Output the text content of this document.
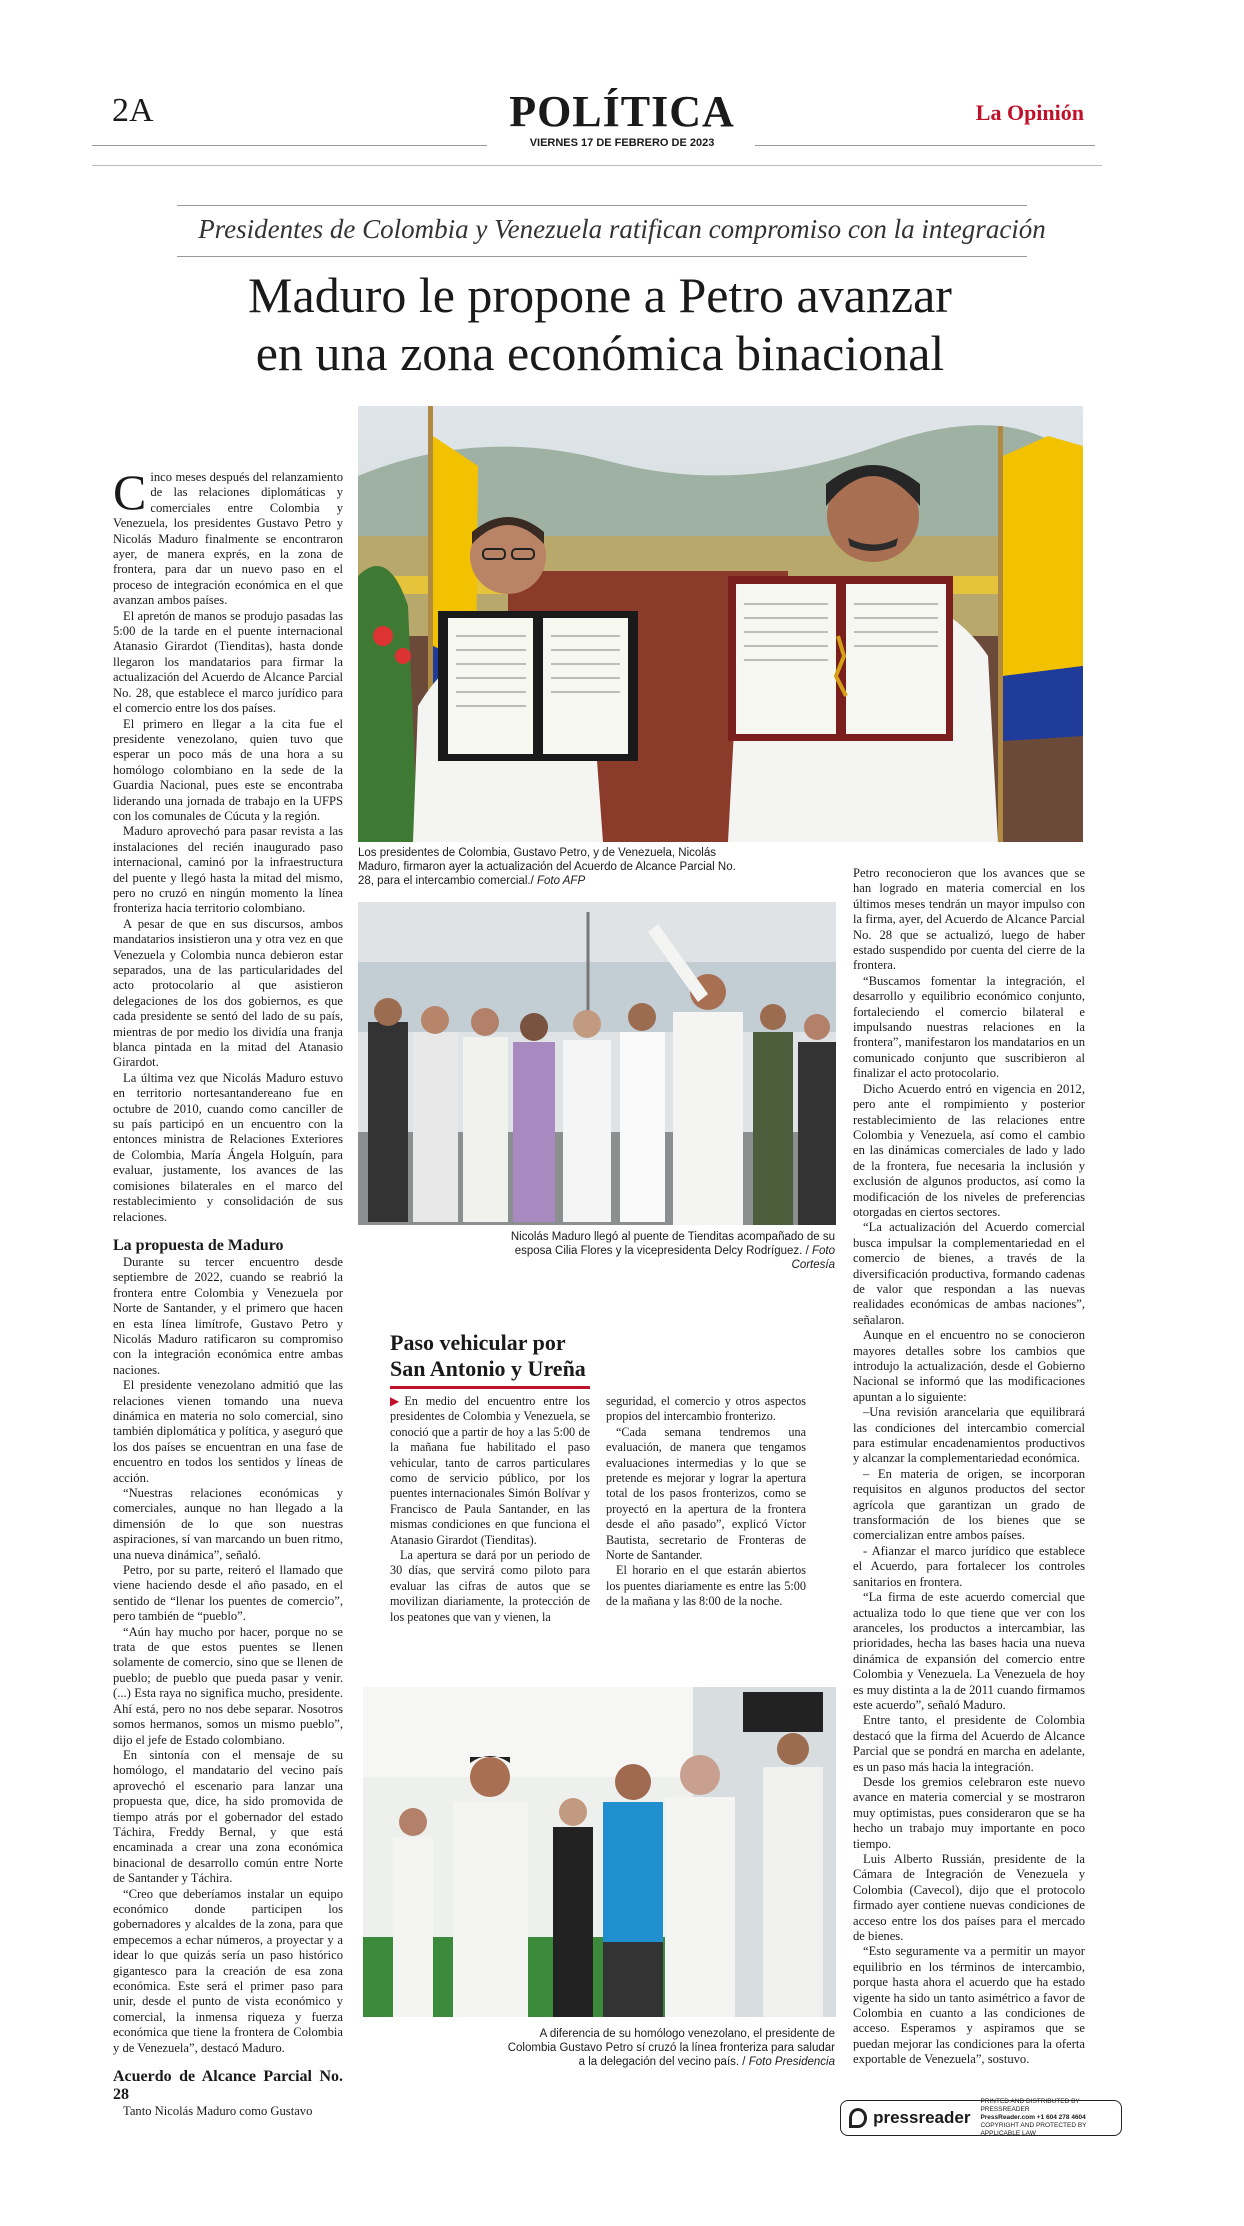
2A	POLÍTICA
VIERNES 17 DE FEBRERO DE 2023
La Opinión
Presidentes de Colombia y Venezuela ratifican compromiso con la integración
Maduro le propone a Petro avanzar
en una zona económica binacional

Cinco meses después del relanzamiento de las relaciones diplomáticas y comerciales entre Colombia y Venezuela, los presidentes Gustavo Petro y Nicolás Maduro finalmente se encontraron ayer, de manera exprés, en la zona de frontera, para dar un nuevo paso en el proceso de integración económica en el que avanzan ambos países.

El apretón de manos se produjo pasadas las 5:00 de la tarde en el puente internacional Atanasio Girardot (Tienditas), hasta donde llegaron los mandatarios para firmar la actualización del Acuerdo de Alcance Parcial No. 28, que establece el marco jurídico para el comercio entre los dos países.

El primero en llegar a la cita fue el presidente venezolano, quien tuvo que esperar un poco más de una hora a su homólogo colombiano en la sede de la Guardia Nacional, pues este se encontraba liderando una jornada de trabajo en la UFPS con los comunales de Cúcuta y la región.

Maduro aprovechó para pasar revista a las instalaciones del recién inaugurado paso internacional, caminó por la infraestructura del puente y llegó hasta la mitad del mismo, pero no cruzó en ningún momento la línea fronteriza hacia territorio colombiano.

A pesar de que en sus discursos, ambos mandatarios insistieron una y otra vez en que Venezuela y Colombia nunca debieron estar separados, una de las particularidades del acto protocolario al que asistieron delegaciones de los dos gobiernos, es que cada presidente se sentó del lado de su país, mientras de por medio los dividía una franja blanca pintada en la mitad del Atanasio Girardot.

La última vez que Nicolás Maduro estuvo en territorio nortesantandereano fue en octubre de 2010, cuando como canciller de su país participó en un encuentro con la entonces ministra de Relaciones Exteriores de Colombia, María Ángela Holguín, para evaluar, justamente, los avances de las comisiones bilaterales en el marco del restablecimiento y consolidación de sus relaciones.

La propuesta de Maduro

Durante su tercer encuentro desde septiembre de 2022, cuando se reabrió la frontera entre Colombia y Venezuela por Norte de Santander, y el primero que hacen en esta línea limítrofe, Gustavo Petro y Nicolás Maduro ratificaron su compromiso con la integración económica entre ambas naciones.

El presidente venezolano admitió que las relaciones vienen tomando una nueva dinámica en materia no solo comercial, sino también diplomática y política, y aseguró que los dos países se encuentran en una fase de encuentro en todos los sentidos y líneas de acción.

“Nuestras relaciones económicas y comerciales, aunque no han llegado a la dimensión de lo que son nuestras aspiraciones, sí van marcando un buen ritmo, una nueva dinámica”, señaló.

Petro, por su parte, reiteró el llamado que viene haciendo desde el año pasado, en el sentido de “llenar los puentes de comercio”, pero también de “pueblo”.

“Aún hay mucho por hacer, porque no se trata de que estos puentes se llenen solamente de comercio, sino que se llenen de pueblo; de pueblo que pueda pasar y venir. (...) Esta raya no significa mucho, presidente. Ahí está, pero no nos debe separar. Nosotros somos hermanos, somos un mismo pueblo”, dijo el jefe de Estado colombiano.

En sintonía con el mensaje de su homólogo, el mandatario del vecino país aprovechó el escenario para lanzar una propuesta que, dice, ha sido promovida de tiempo atrás por el gobernador del estado Táchira, Freddy Bernal, y que está encaminada a crear una zona económica binacional de desarrollo común entre Norte de Santander y Táchira.

“Creo que deberíamos instalar un equipo económico donde participen los gobernadores y alcaldes de la zona, para que empecemos a echar números, a proyectar y a idear lo que quizás sería un paso histórico gigantesco para la creación de esa zona económica. Este será el primer paso para unir, desde el punto de vista económico y comercial, la inmensa riqueza y fuerza económica que tiene la frontera de Colombia y de Venezuela”, destacó Maduro.

Acuerdo de Alcance Parcial No. 28

Tanto Nicolás Maduro como Gustavo

Los presidentes de Colombia, Gustavo Petro, y de Venezuela, Nicolás Maduro, firmaron ayer la actualización del Acuerdo de Alcance Parcial No. 28, para el intercambio comercial./ Foto AFP
Nicolás Maduro llegó al puente de Tienditas acompañado de su esposa Cilia Flores y la vicepresidenta Delcy Rodríguez. / Foto Cortesía
Paso vehicular por
San Antonio y Ureña

▶En medio del encuentro entre los presidentes de Colombia y Venezuela, se conoció que a partir de hoy a las 5:00 de la mañana fue habilitado el paso vehicular, tanto de carros particulares como de servicio público, por los puentes internacionales Simón Bolívar y Francisco de Paula Santander, en las mismas condiciones en que funciona el Atanasio Girardot (Tienditas).

La apertura se dará por un periodo de 30 días, que servirá como piloto para evaluar las cifras de autos que se movilizan diariamente, la protección de los peatones que van y vienen, la

seguridad, el comercio y otros aspectos propios del intercambio fronterizo.

“Cada semana tendremos una evaluación, de manera que tengamos evaluaciones intermedias y lo que se pretende es mejorar y lograr la apertura total de los pasos fronterizos, como se proyectó en la apertura de la frontera desde el año pasado”, explicó Víctor Bautista, secretario de Fronteras de Norte de Santander.

El horario en el que estarán abiertos los puentes diariamente es entre las 5:00 de la mañana y las 8:00 de la noche.

A diferencia de su homólogo venezolano, el presidente de Colombia Gustavo Petro sí cruzó la línea fronteriza para saludar a la delegación del vecino país. / Foto Presidencia

Petro reconocieron que los avances que se han logrado en materia comercial en los últimos meses tendrán un mayor impulso con la firma, ayer, del Acuerdo de Alcance Parcial No. 28 que se actualizó, luego de haber estado suspendido por cuenta del cierre de la frontera.

“Buscamos fomentar la integración, el desarrollo y equilibrio económico conjunto, fortaleciendo el comercio bilateral e impulsando nuestras relaciones en la frontera”, manifestaron los mandatarios en un comunicado conjunto que suscribieron al finalizar el acto protocolario.

Dicho Acuerdo entró en vigencia en 2012, pero ante el rompimiento y posterior restablecimiento de las relaciones entre Colombia y Venezuela, así como el cambio en las dinámicas comerciales de lado y lado de la frontera, fue necesaria la inclusión y exclusión de algunos productos, así como la modificación de los niveles de preferencias otorgadas en ciertos sectores.

“La actualización del Acuerdo comercial busca impulsar la complementariedad en el comercio de bienes, a través de la diversificación productiva, formando cadenas de valor que respondan a las nuevas realidades económicas de ambas naciones”, señalaron.

Aunque en el encuentro no se conocieron mayores detalles sobre los cambios que introdujo la actualización, desde el Gobierno Nacional se informó que las modificaciones apuntan a lo siguiente:

–Una revisión arancelaria que equilibrará las condiciones del intercambio comercial para estimular encadenamientos productivos y alcanzar la complementariedad económica.

– En materia de origen, se incorporan requisitos en algunos productos del sector agrícola que garantizan un grado de transformación de los bienes que se comercializan entre ambos países.

- Afianzar el marco jurídico que establece el Acuerdo, para fortalecer los controles sanitarios en frontera.

“La firma de este acuerdo comercial que actualiza todo lo que tiene que ver con los aranceles, los productos a intercambiar, las prioridades, hecha las bases hacia una nueva dinámica de expansión del comercio entre Colombia y Venezuela. La Venezuela de hoy es muy distinta a la de 2011 cuando firmamos este acuerdo”, señaló Maduro.

Entre tanto, el presidente de Colombia destacó que la firma del Acuerdo de Alcance Parcial que se pondrá en marcha en adelante, es un paso más hacia la integración.

Desde los gremios celebraron este nuevo avance en materia comercial y se mostraron muy optimistas, pues consideraron que se ha hecho un trabajo muy importante en poco tiempo.

Luis Alberto Russián, presidente de la Cámara de Integración de Venezuela y Colombia (Cavecol), dijo que el protocolo firmado ayer contiene nuevas condiciones de acceso entre los dos países para el mercado de bienes.

“Esto seguramente va a permitir un mayor equilibrio en los términos de intercambio, porque hasta ahora el acuerdo que ha estado vigente ha sido un tanto asimétrico a favor de Colombia en cuanto a las condiciones de acceso. Esperamos y aspiramos que se puedan mejorar las condiciones para la oferta exportable de Venezuela”, sostuvo.

pressreader
PRINTED AND DISTRIBUTED BY PRESSREADER
PressReader.com +1 604 278 4604
COPYRIGHT AND PROTECTED BY APPLICABLE LAW
